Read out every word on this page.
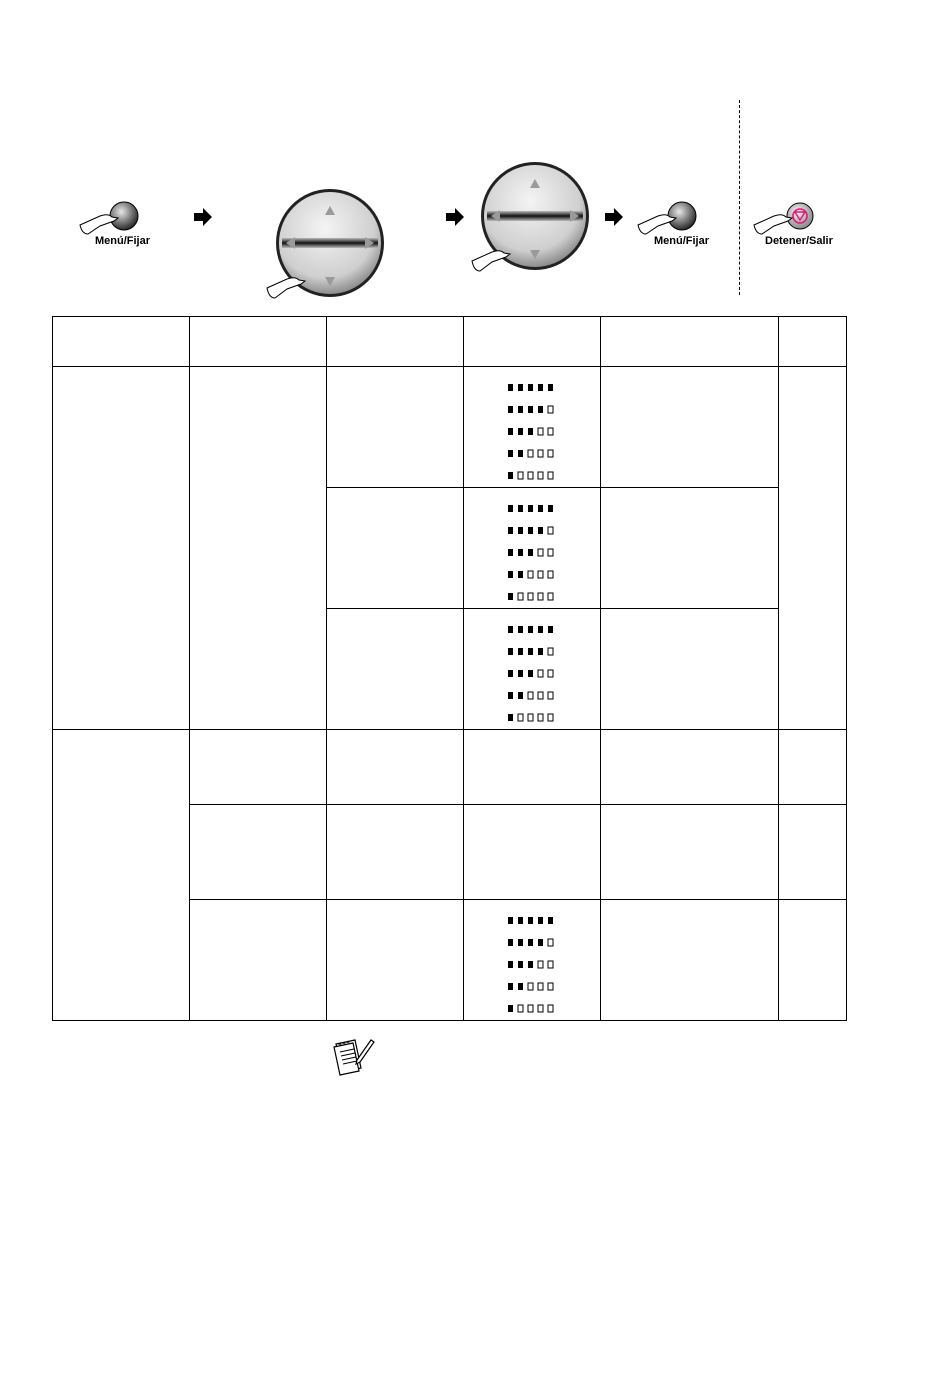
Menú/Fijar	Menú/Fijar	Detener/Salir
